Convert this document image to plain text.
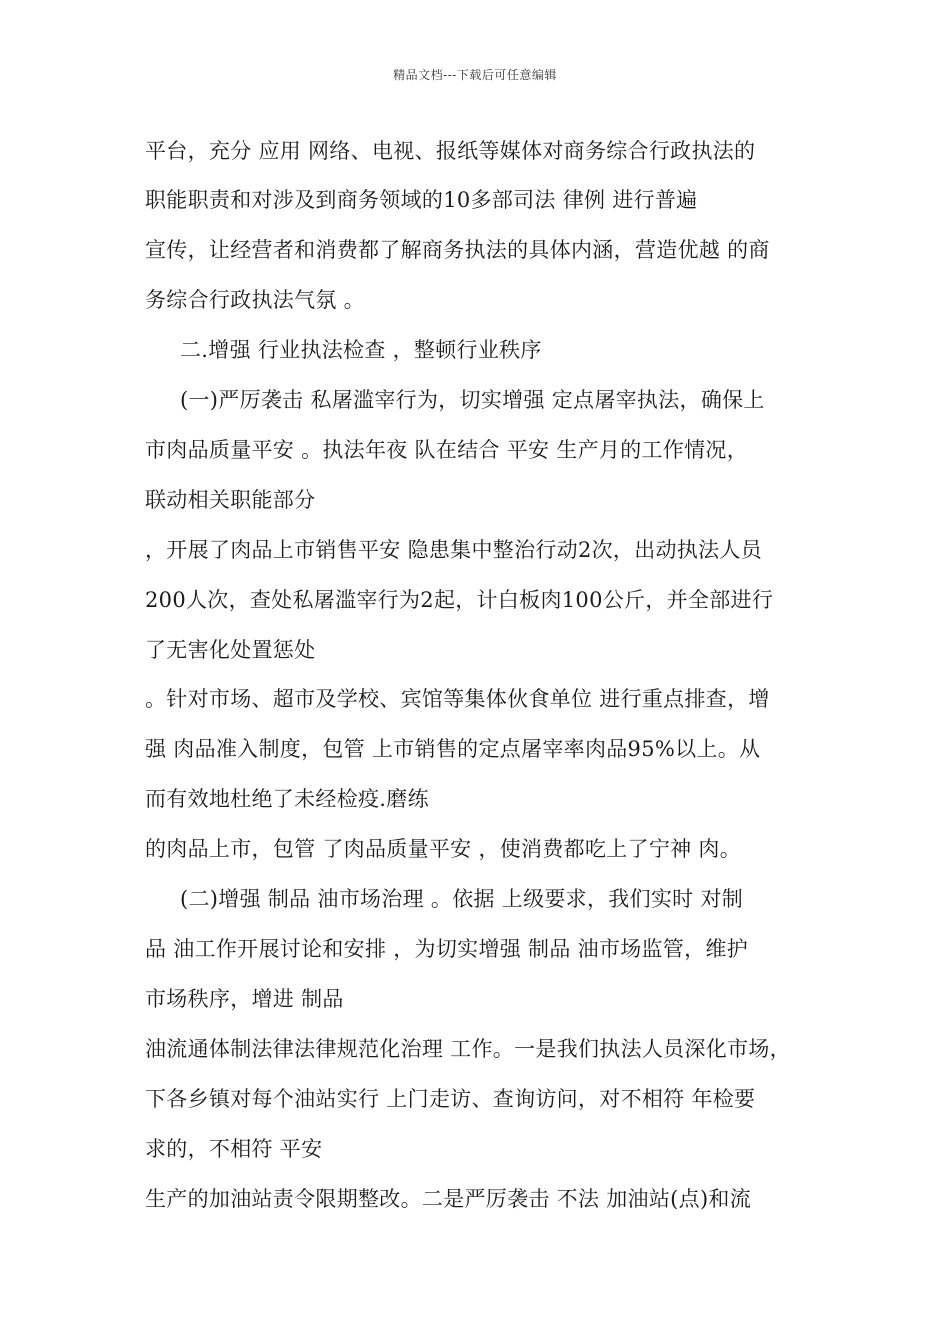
精品文档---下载后可任意编辑
平台，充分 应用 网络、电视、报纸等媒体对商务综合行政执法的
职能职责和对涉及到商务领域的10多部司法 律例 进行普遍
宣传，让经营者和消费都了解商务执法的具体内涵，营造优越 的商
务综合行政执法气氛 。
二.增强 行业执法检查 ，整顿行业秩序
(一)严厉袭击 私屠滥宰行为，切实增强 定点屠宰执法，确保上
市肉品质量平安 。执法年夜 队在结合 平安 生产月的工作情况，
联动相关职能部分
，开展了肉品上市销售平安 隐患集中整治行动2次，出动执法人员
200人次，查处私屠滥宰行为2起，计白板肉100公斤，并全部进行
了无害化处置惩处
。针对市场、超市及学校、宾馆等集体伙食单位 进行重点排查，增
强 肉品准入制度，包管 上市销售的定点屠宰率肉品95%以上。从
而有效地杜绝了未经检疫.磨练
的肉品上市，包管 了肉品质量平安 ，使消费都吃上了宁神 肉。
(二)增强 制品 油市场治理 。依据 上级要求，我们实时 对制
品 油工作开展讨论和安排 ，为切实增强 制品 油市场监管，维护
市场秩序，增进 制品
油流通体制法律法律规范化治理 工作。一是我们执法人员深化市场，
下各乡镇对每个油站实行 上门走访、查询访问，对不相符 年检要
求的，不相符 平安
生产的加油站责令限期整改。二是严厉袭击 不法 加油站(点)和流
